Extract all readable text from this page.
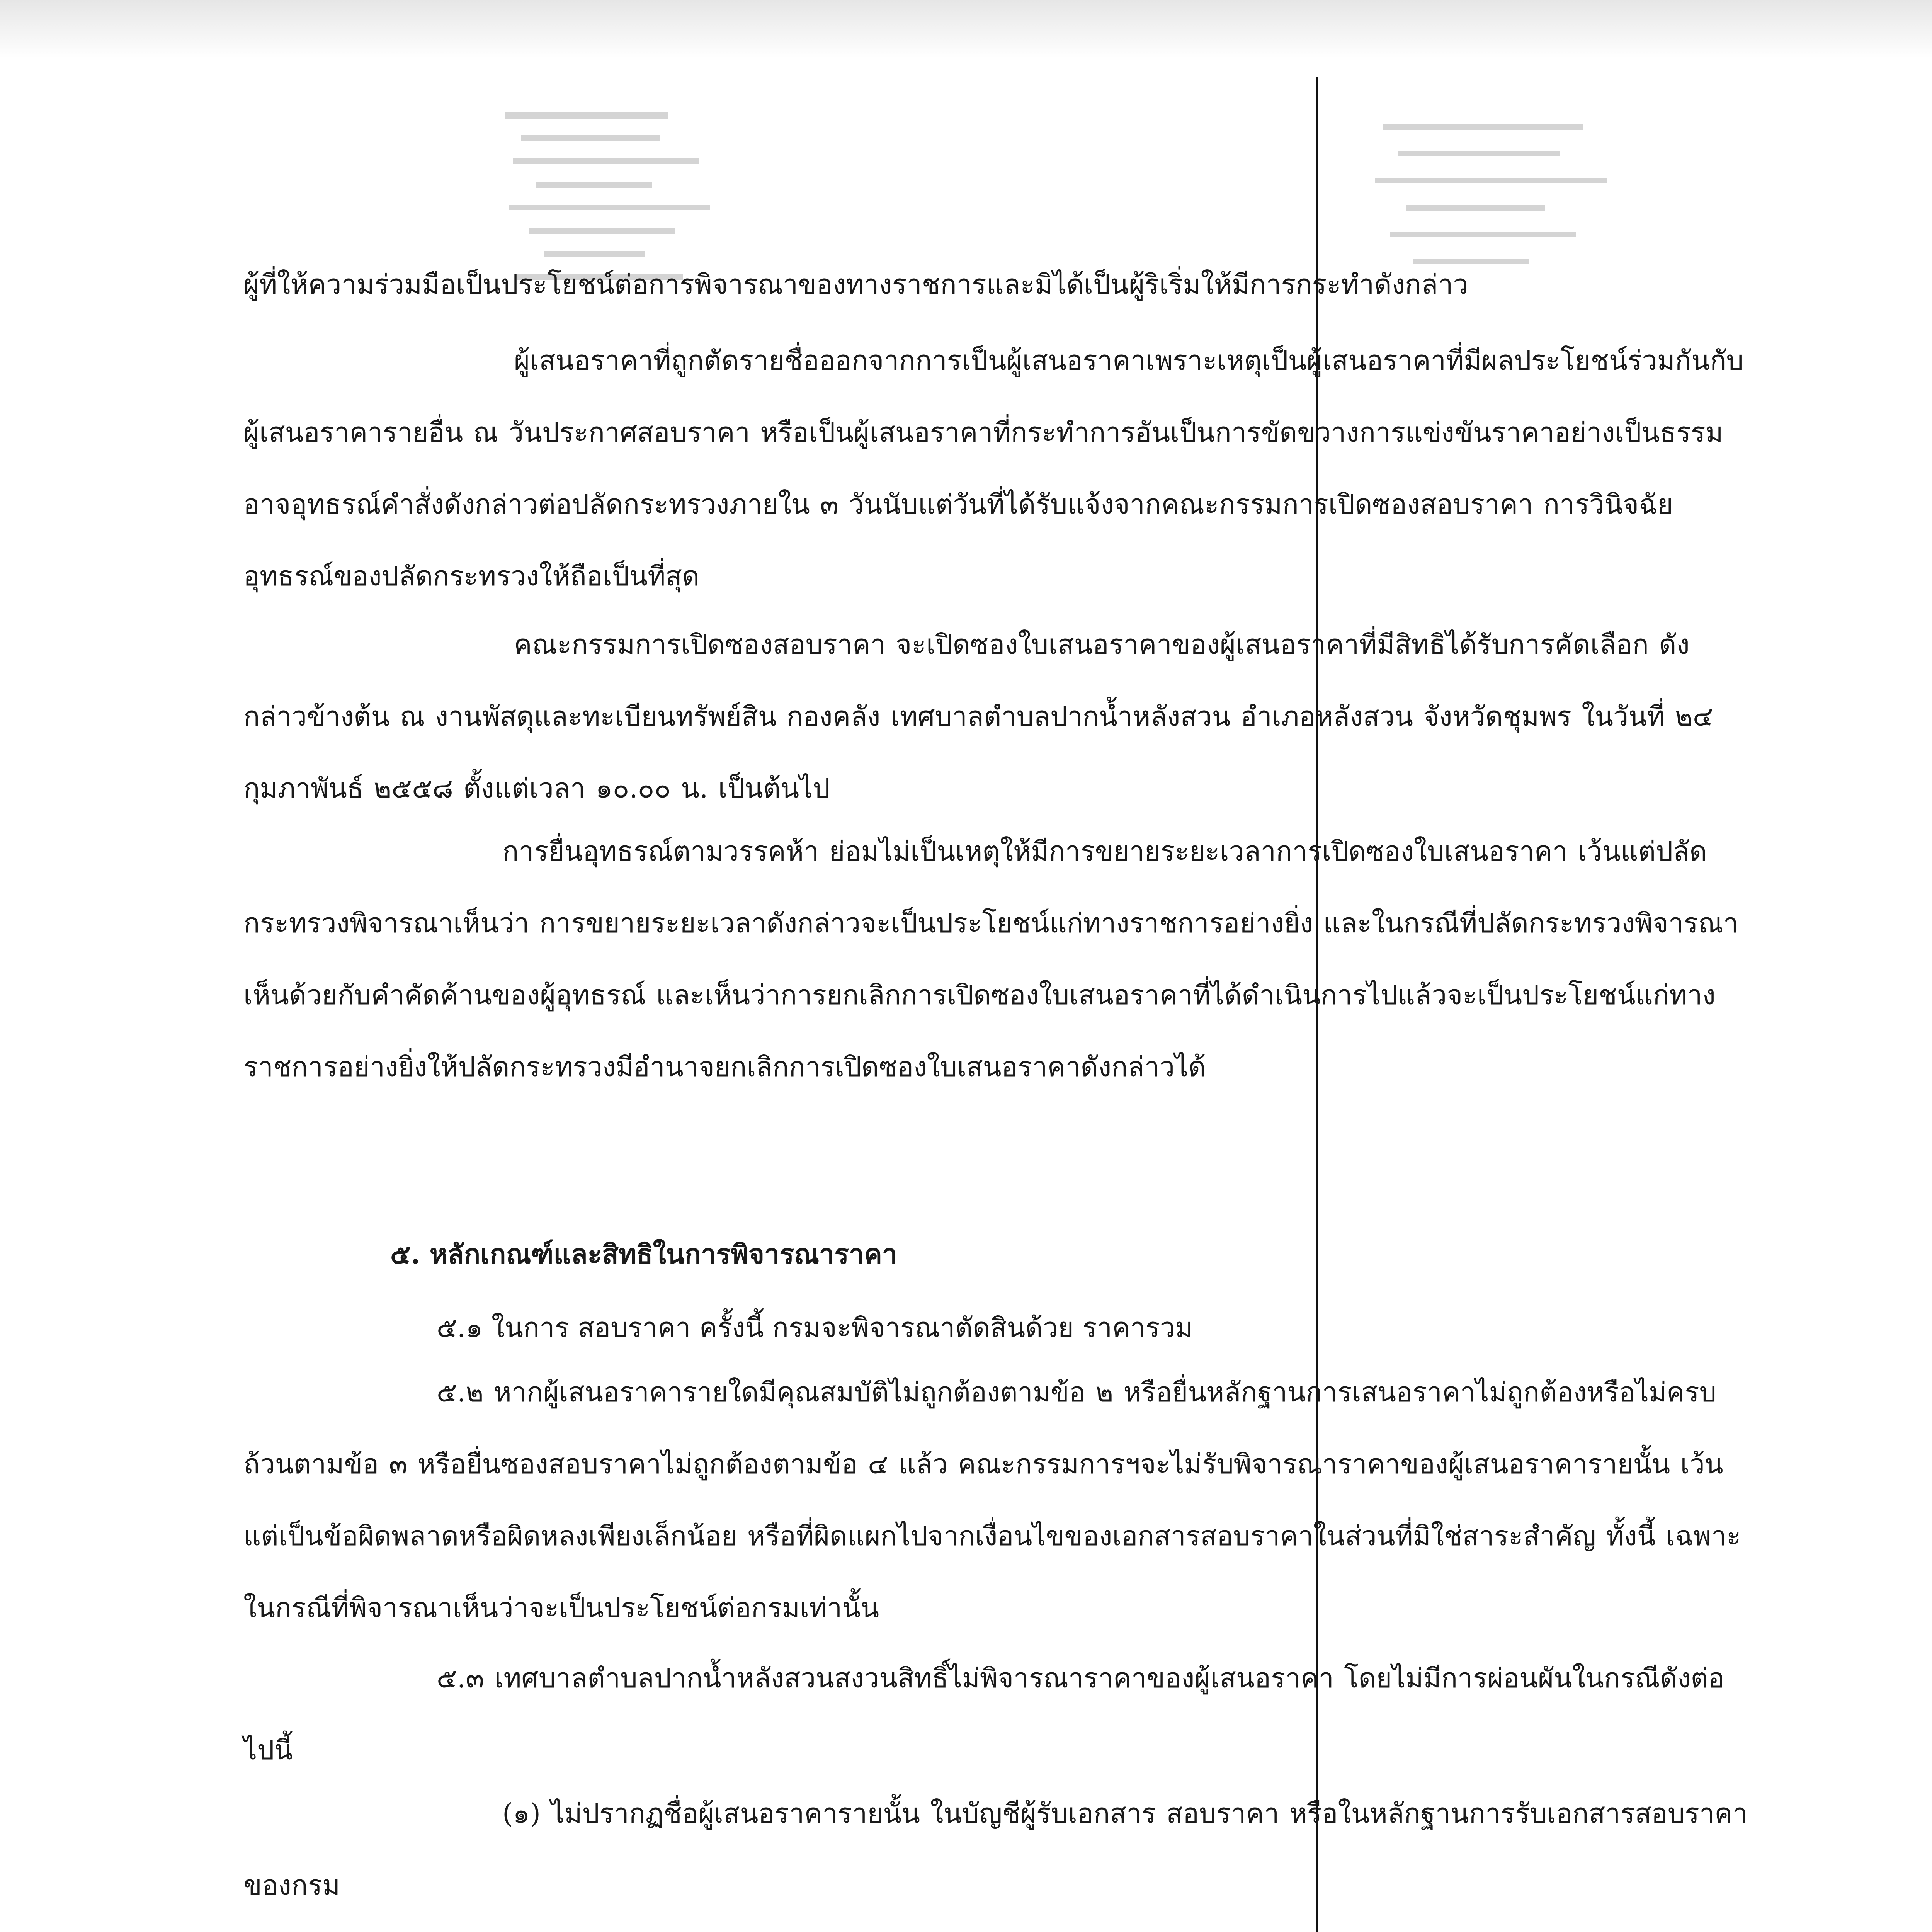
ผู้ที่ให้ความร่วมมือเป็นประโยชน์ต่อการพิจารณาของทางราชการและมิได้เป็นผู้ริเริ่มให้มีการกระทำดังกล่าว
ผู้เสนอราคาที่ถูกตัดรายชื่อออกจากการเป็นผู้เสนอราคาเพราะเหตุเป็นผู้เสนอราคาที่มีผลประโยชน์ร่วมกันกับผู้เสนอราคารายอื่น ณ วันประกาศสอบราคา หรือเป็นผู้เสนอราคาที่กระทำการอันเป็นการขัดขวางการแข่งขันราคาอย่างเป็นธรรม อาจอุทธรณ์คำสั่งดังกล่าวต่อปลัดกระทรวงภายใน ๓ วันนับแต่วันที่ได้รับแจ้งจากคณะกรรมการเปิดซองสอบราคา การวินิจฉัยอุทธรณ์ของปลัดกระทรวงให้ถือเป็นที่สุด
คณะกรรมการเปิดซองสอบราคา จะเปิดซองใบเสนอราคาของผู้เสนอราคาที่มีสิทธิได้รับการคัดเลือก ดังกล่าวข้างต้น ณ งานพัสดุและทะเบียนทรัพย์สิน กองคลัง เทศบาลตำบลปากน้ำหลังสวน อำเภอหลังสวน จังหวัดชุมพร ในวันที่ ๒๔ กุมภาพันธ์ ๒๕๕๘ ตั้งแต่เวลา ๑๐.๐๐ น. เป็นต้นไป
การยื่นอุทธรณ์ตามวรรคห้า ย่อมไม่เป็นเหตุให้มีการขยายระยะเวลาการเปิดซองใบเสนอราคา เว้นแต่ปลัดกระทรวงพิจารณาเห็นว่า การขยายระยะเวลาดังกล่าวจะเป็นประโยชน์แก่ทางราชการอย่างยิ่ง และในกรณีที่ปลัดกระทรวงพิจารณาเห็นด้วยกับคำคัดค้านของผู้อุทธรณ์ และเห็นว่าการยกเลิกการเปิดซองใบเสนอราคาที่ได้ดำเนินการไปแล้วจะเป็นประโยชน์แก่ทางราชการอย่างยิ่งให้ปลัดกระทรวงมีอำนาจยกเลิกการเปิดซองใบเสนอราคาดังกล่าวได้
๕. หลักเกณฑ์และสิทธิในการพิจารณาราคา
๕.๑ ในการ สอบราคา ครั้งนี้ กรมจะพิจารณาตัดสินด้วย ราคารวม
๕.๒ หากผู้เสนอราคารายใดมีคุณสมบัติไม่ถูกต้องตามข้อ ๒ หรือยื่นหลักฐานการเสนอราคาไม่ถูกต้องหรือไม่ครบถ้วนตามข้อ ๓ หรือยื่นซองสอบราคาไม่ถูกต้องตามข้อ ๔ แล้ว คณะกรรมการฯจะไม่รับพิจารณาราคาของผู้เสนอราคารายนั้น เว้นแต่เป็นข้อผิดพลาดหรือผิดหลงเพียงเล็กน้อย หรือที่ผิดแผกไปจากเงื่อนไขของเอกสารสอบราคาในส่วนที่มิใช่สาระสำคัญ ทั้งนี้ เฉพาะในกรณีที่พิจารณาเห็นว่าจะเป็นประโยชน์ต่อกรมเท่านั้น
๕.๓ เทศบาลตำบลปากน้ำหลังสวนสงวนสิทธิ์ไม่พิจารณาราคาของผู้เสนอราคา โดยไม่มีการผ่อนผันในกรณีดังต่อไปนี้
(๑) ไม่ปรากฏชื่อผู้เสนอราคารายนั้น ในบัญชีผู้รับเอกสาร สอบราคา หรือในหลักฐานการรับเอกสารสอบราคา ของกรม
